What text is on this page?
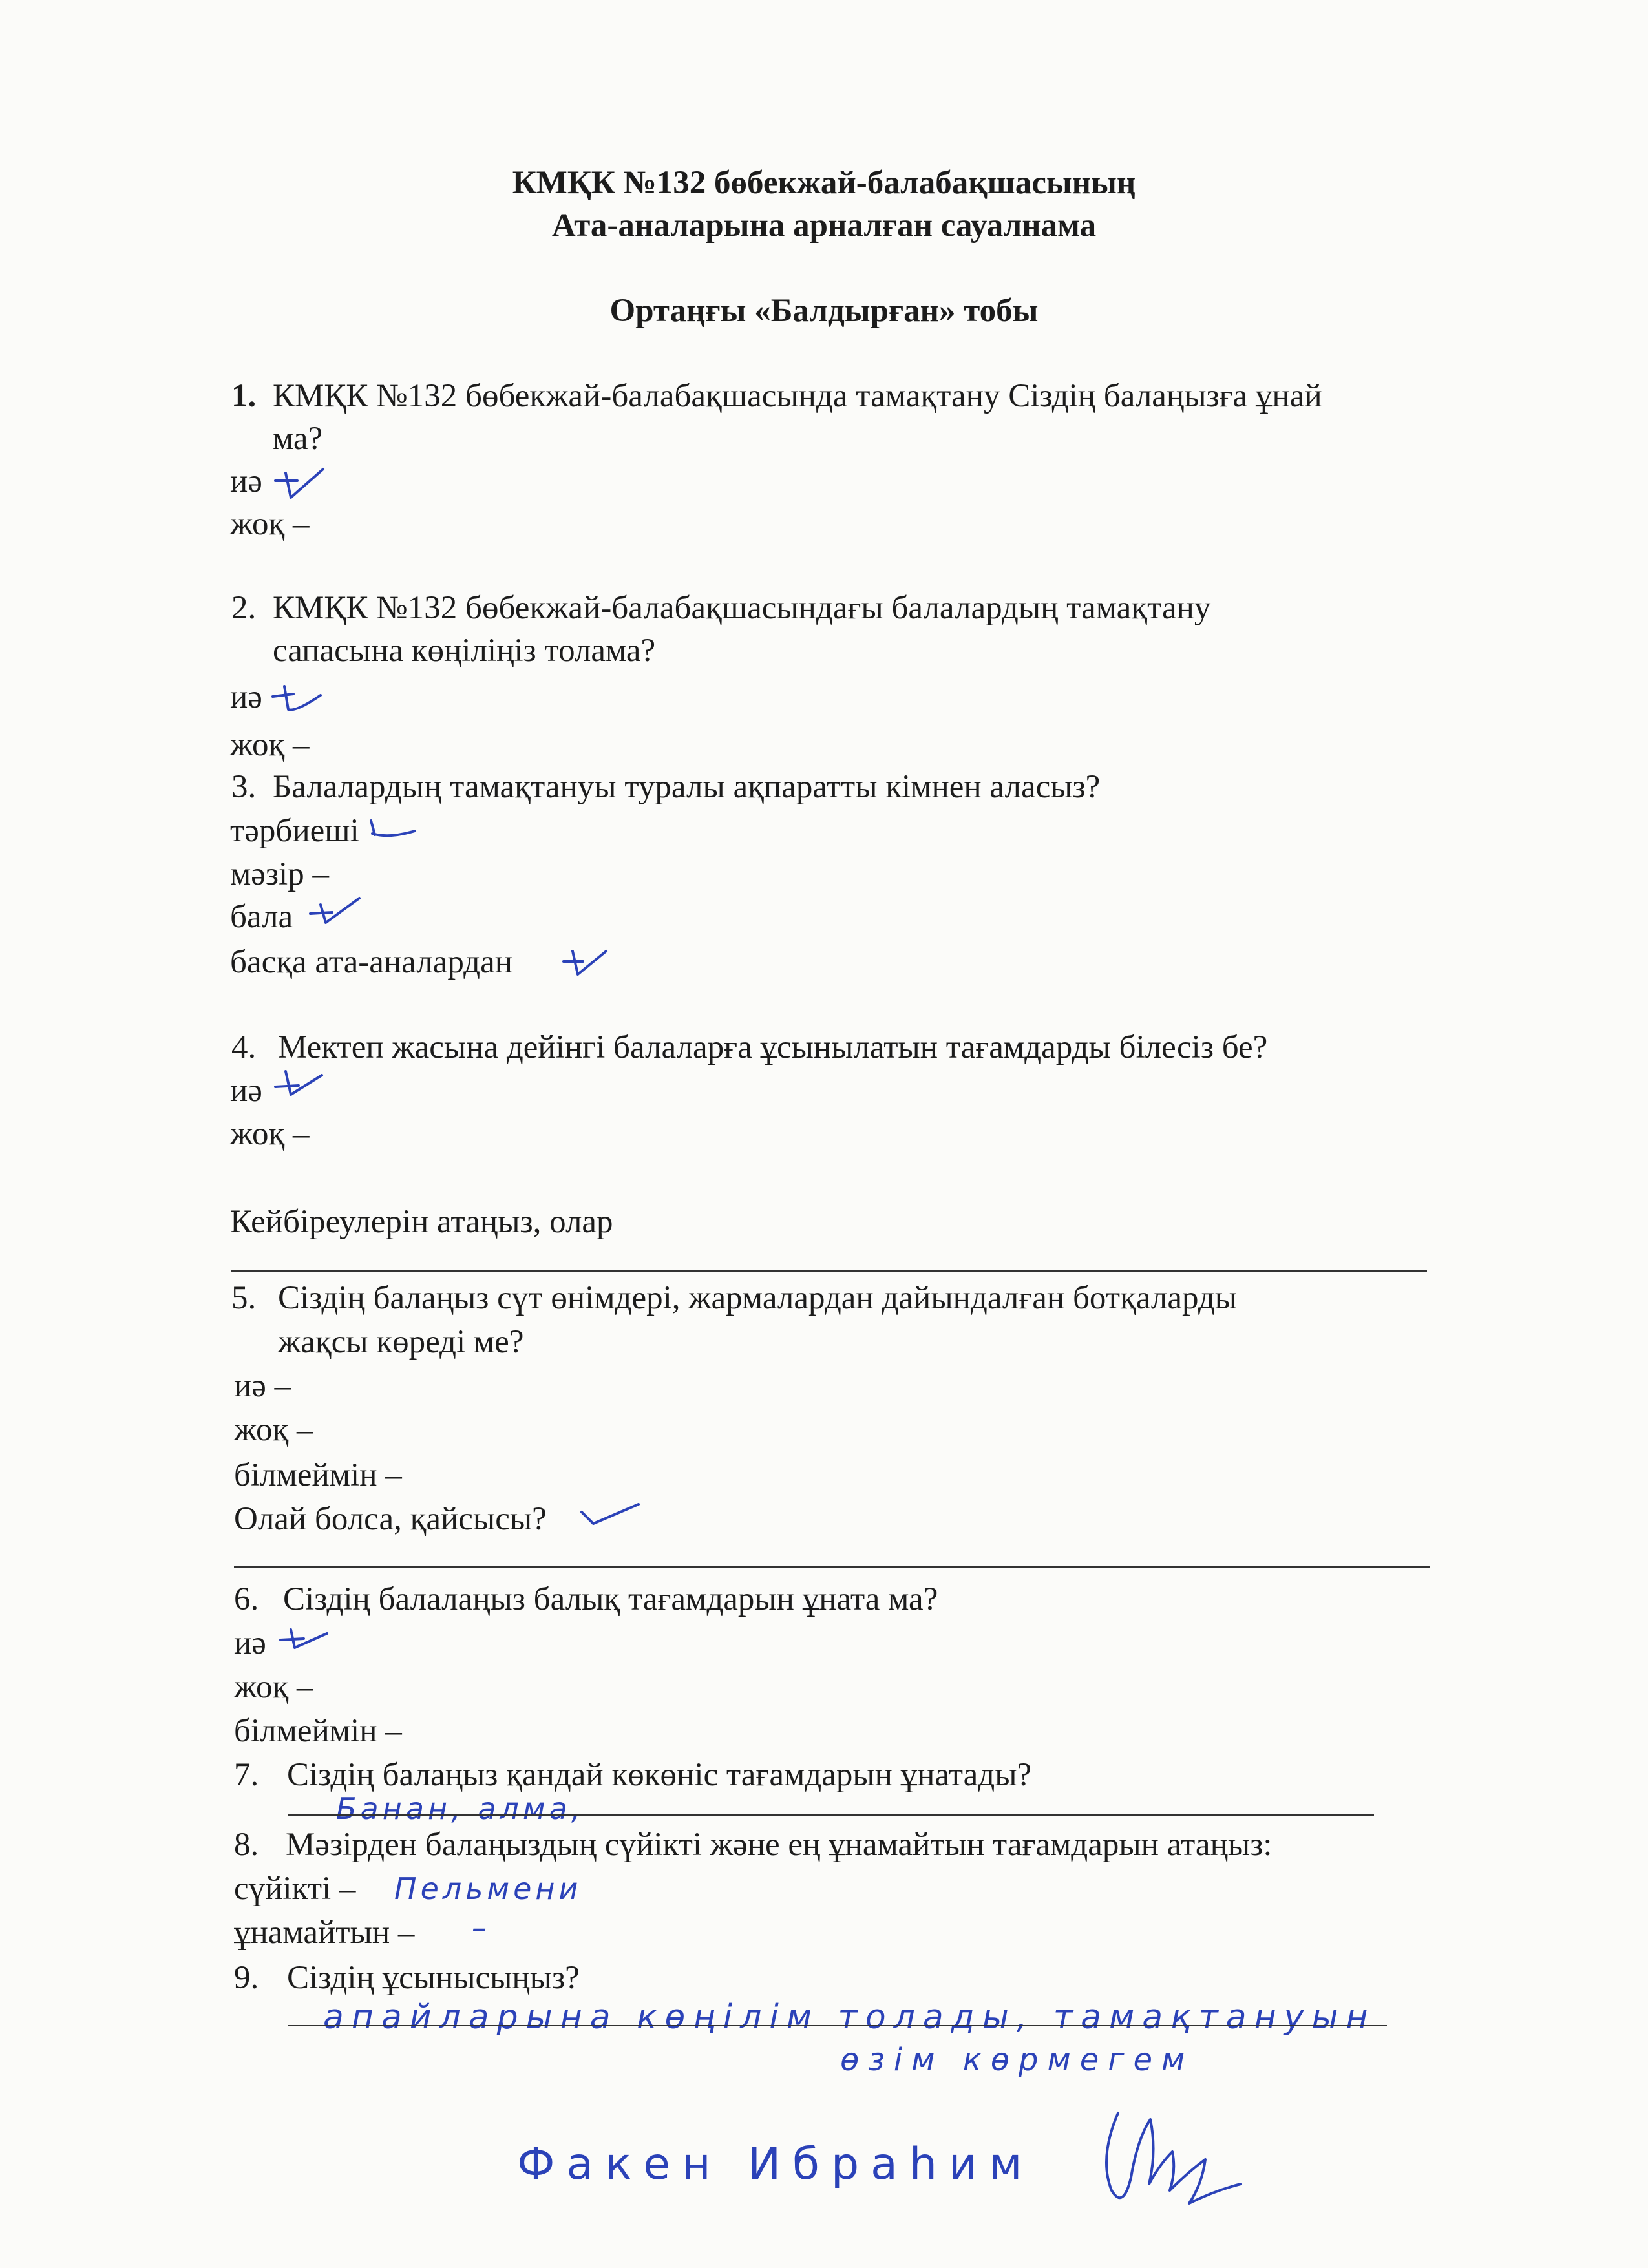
КМҚК №132 бөбекжай-балабақшасының
Ата-аналарына арналған сауалнама
Ортаңғы «Балдырған» тобы
1. КМҚК №132 бөбекжай-балабақшасында тамақтану Сіздің балаңызға ұнай
ма?
иә
жоқ –
2. КМҚК №132 бөбекжай-балабақшасындағы балалардың тамақтану
сапасына көңіліңіз толама?
иә
жоқ –
3. Балалардың тамақтануы туралы ақпаратты кімнен аласыз?
тәрбиеші
мәзір –
бала
басқа ата-аналардан
4. Мектеп жасына дейінгі балаларға ұсынылатын тағамдарды білесіз бе?
иә
жоқ –
Кейбіреулерін атаңыз, олар
5. Сіздің балаңыз сүт өнімдері, жармалардан дайындалған ботқаларды
жақсы көреді ме?
иә –
жоқ –
білмеймін –
Олай болса, қайсысы?
6. Сіздің балалаңыз балық тағамдарын ұната ма?
иә
жоқ –
білмеймін –
7. Сіздің балаңыз қандай көкөніс тағамдарын ұнатады?
Банан, алма,
8. Мәзірден балаңыздың сүйікті және ең ұнамайтын тағамдарын атаңыз:
сүйікті – Пельмени
ұнамайтын – –
9. Сіздің ұсынысыңыз?
апайларына көңілім толады, тамақтануын
өзім көрмегем
Факен Ибраhим
